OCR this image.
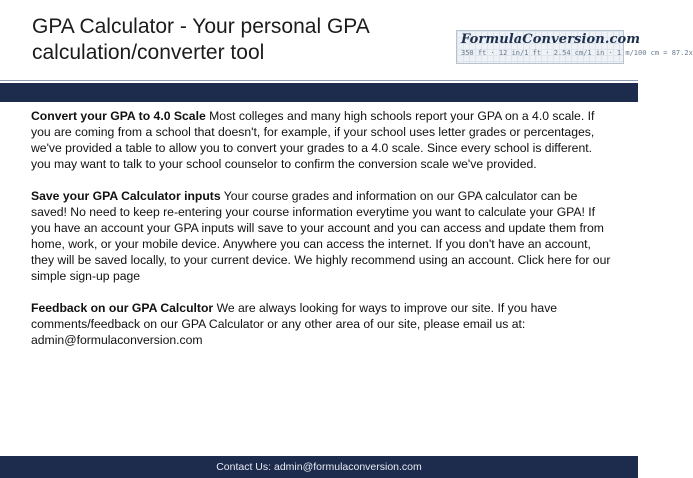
GPA Calculator - Your personal GPA
calculation/converter tool
FormulaConversion.com
350 ft · 12 in/1 ft · 2.54 cm/1 in · 1 m/100 cm = 87.2x

Convert your GPA to 4.0 Scale Most colleges and many high schools report your GPA on a 4.0 scale. If you are coming from a school that doesn't, for example, if your school uses letter grades or percentages, we've provided a table to allow you to convert your grades to a 4.0 scale. Since every school is different. you may want to talk to your school counselor to confirm the conversion scale we've provided.

Save your GPA Calculator inputs Your course grades and information on our GPA calculator can be saved! No need to keep re-entering your course information everytime you want to calculate your GPA! If you have an account your GPA inputs will save to your account and you can access and update them from home, work, or your mobile device. Anywhere you can access the internet. If you don't have an account, they will be saved locally, to your current device. We highly recommend using an account. Click here for our simple sign-up page

Feedback on our GPA Calcultor We are always looking for ways to improve our site. If you have comments/feedback on our GPA Calculator or any other area of our site, please email us at: admin@formulaconversion.com

Contact Us: admin@formulaconversion.com
